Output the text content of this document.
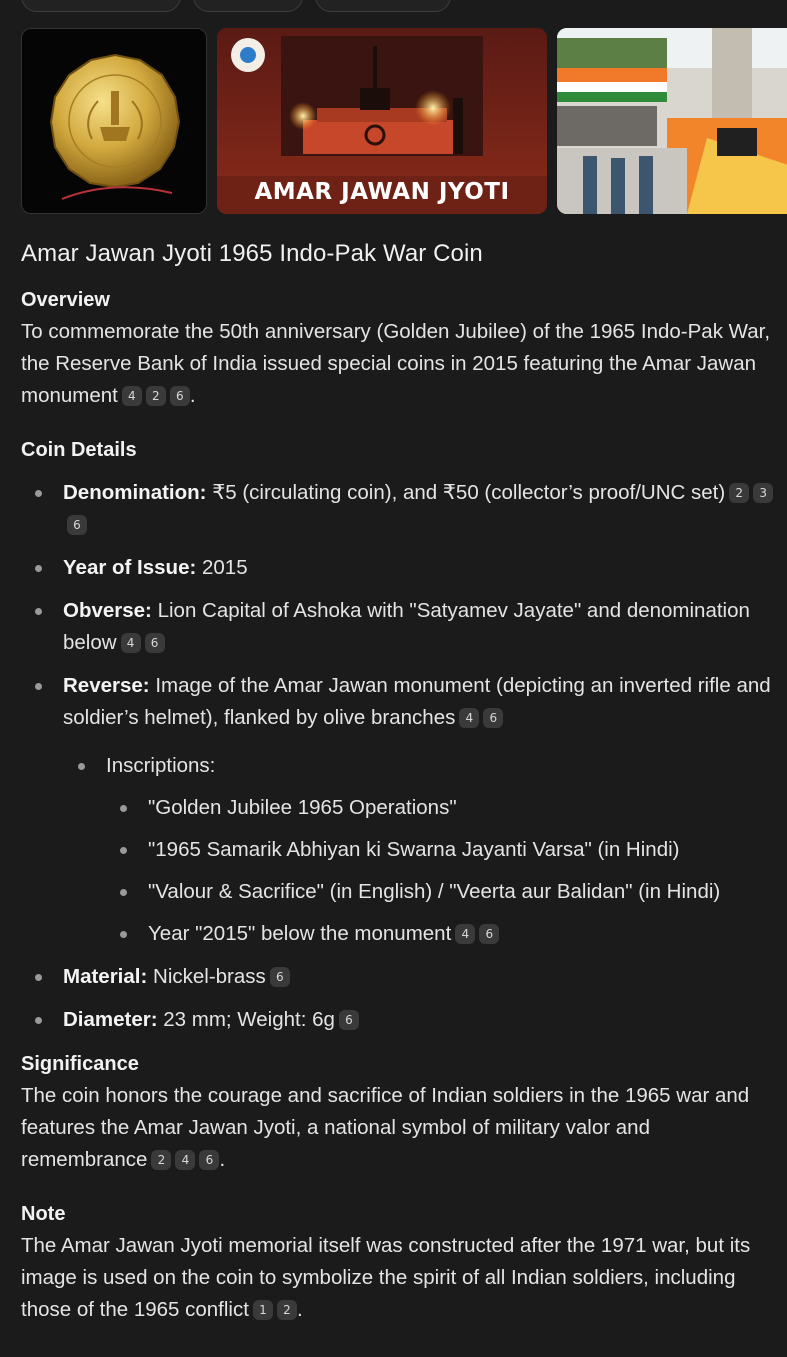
AMAR JAWAN JYOTI
Amar Jawan Jyoti 1965 Indo-Pak War Coin
Overview

To commemorate the 50th anniversary (Golden Jubilee) of the 1965 Indo-Pak War, the Reserve Bank of India issued special coins in 2015 featuring the Amar Jawan monument 4 2 6 .

Coin Details
Denomination: ₹5 (circulating coin), and ₹50 (collector’s proof/UNC set) 2 36
Year of Issue: 2015
Obverse: Lion Capital of Ashoka with "Satyamev Jayate" and denomination below 4 6
Reverse: Image of the Amar Jawan monument (depicting an inverted rifle and soldier’s helmet), flanked by olive branches 4 6
Inscriptions:
"Golden Jubilee 1965 Operations"
"1965 Samarik Abhiyan ki Swarna Jayanti Varsa" (in Hindi)
"Valour & Sacrifice" (in English) / "Veerta aur Balidan" (in Hindi)
Year "2015" below the monument 4 6
Material: Nickel-brass 6
Diameter: 23 mm; Weight: 6g 6
Significance

The coin honors the courage and sacrifice of Indian soldiers in the 1965 war and features the Amar Jawan Jyoti, a national symbol of military valor and remembrance 2 4 6 .

Note

The Amar Jawan Jyoti memorial itself was constructed after the 1971 war, but its image is used on the coin to symbolize the spirit of all Indian soldiers, including those of the 1965 conflict 1 2 .
